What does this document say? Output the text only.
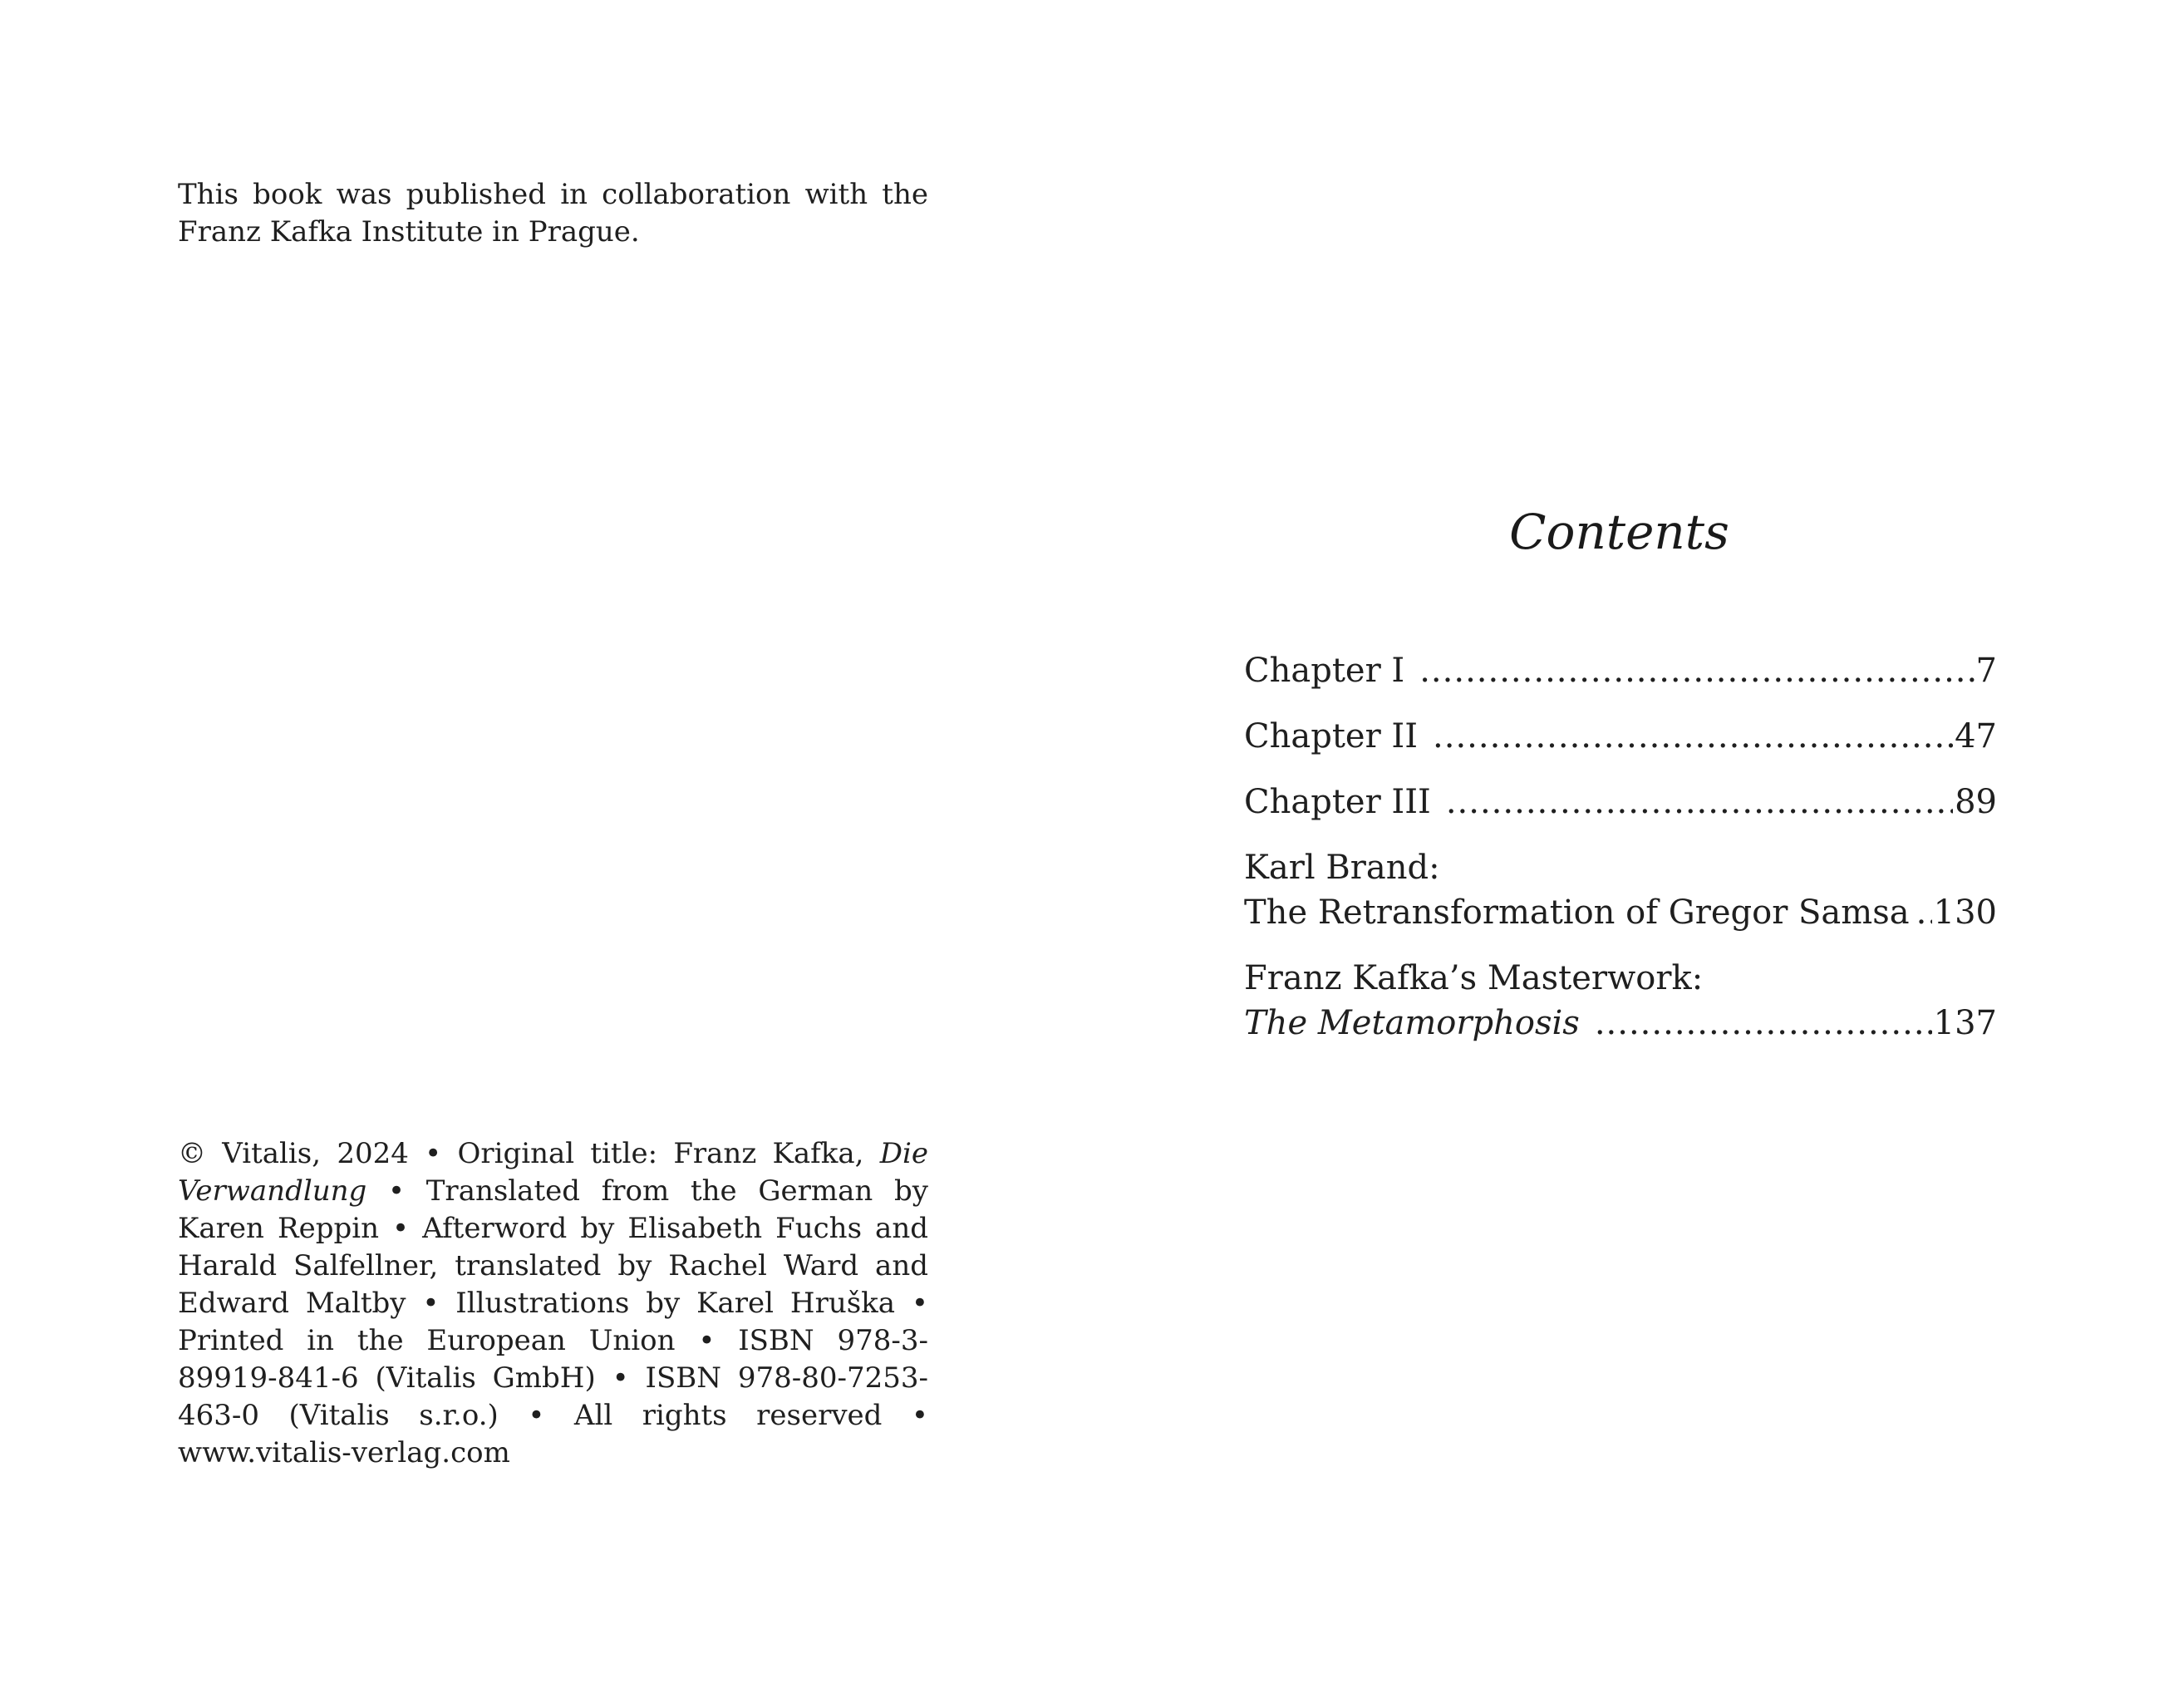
This book was published in collaboration with the Franz Kafka Institute in Prague.

© Vitalis, 2024 • Original title: Franz Kafka, Die Verwandlung • Translated from the German by Karen Reppin • Afterword by Elisabeth Fuchs and Harald Salfellner, translated by Rachel Ward and Edward Maltby • Illustrations by Karel Hruška • Printed in the European Union • ISBN 978-3-89919-841-6 (Vitalis GmbH) • ISBN 978-80-7253-463-0 (Vitalis s.r.o.) • All rights reserved • www.vitalis-verlag.com

Contents
Chapter I .....	7
Chapter II .....	47
Chapter III .....	89
Karl Brand:
The Retransformation of Gregor Samsa ..... 130
Franz Kafka’s Masterwork:
The Metamorphosis .....	137
